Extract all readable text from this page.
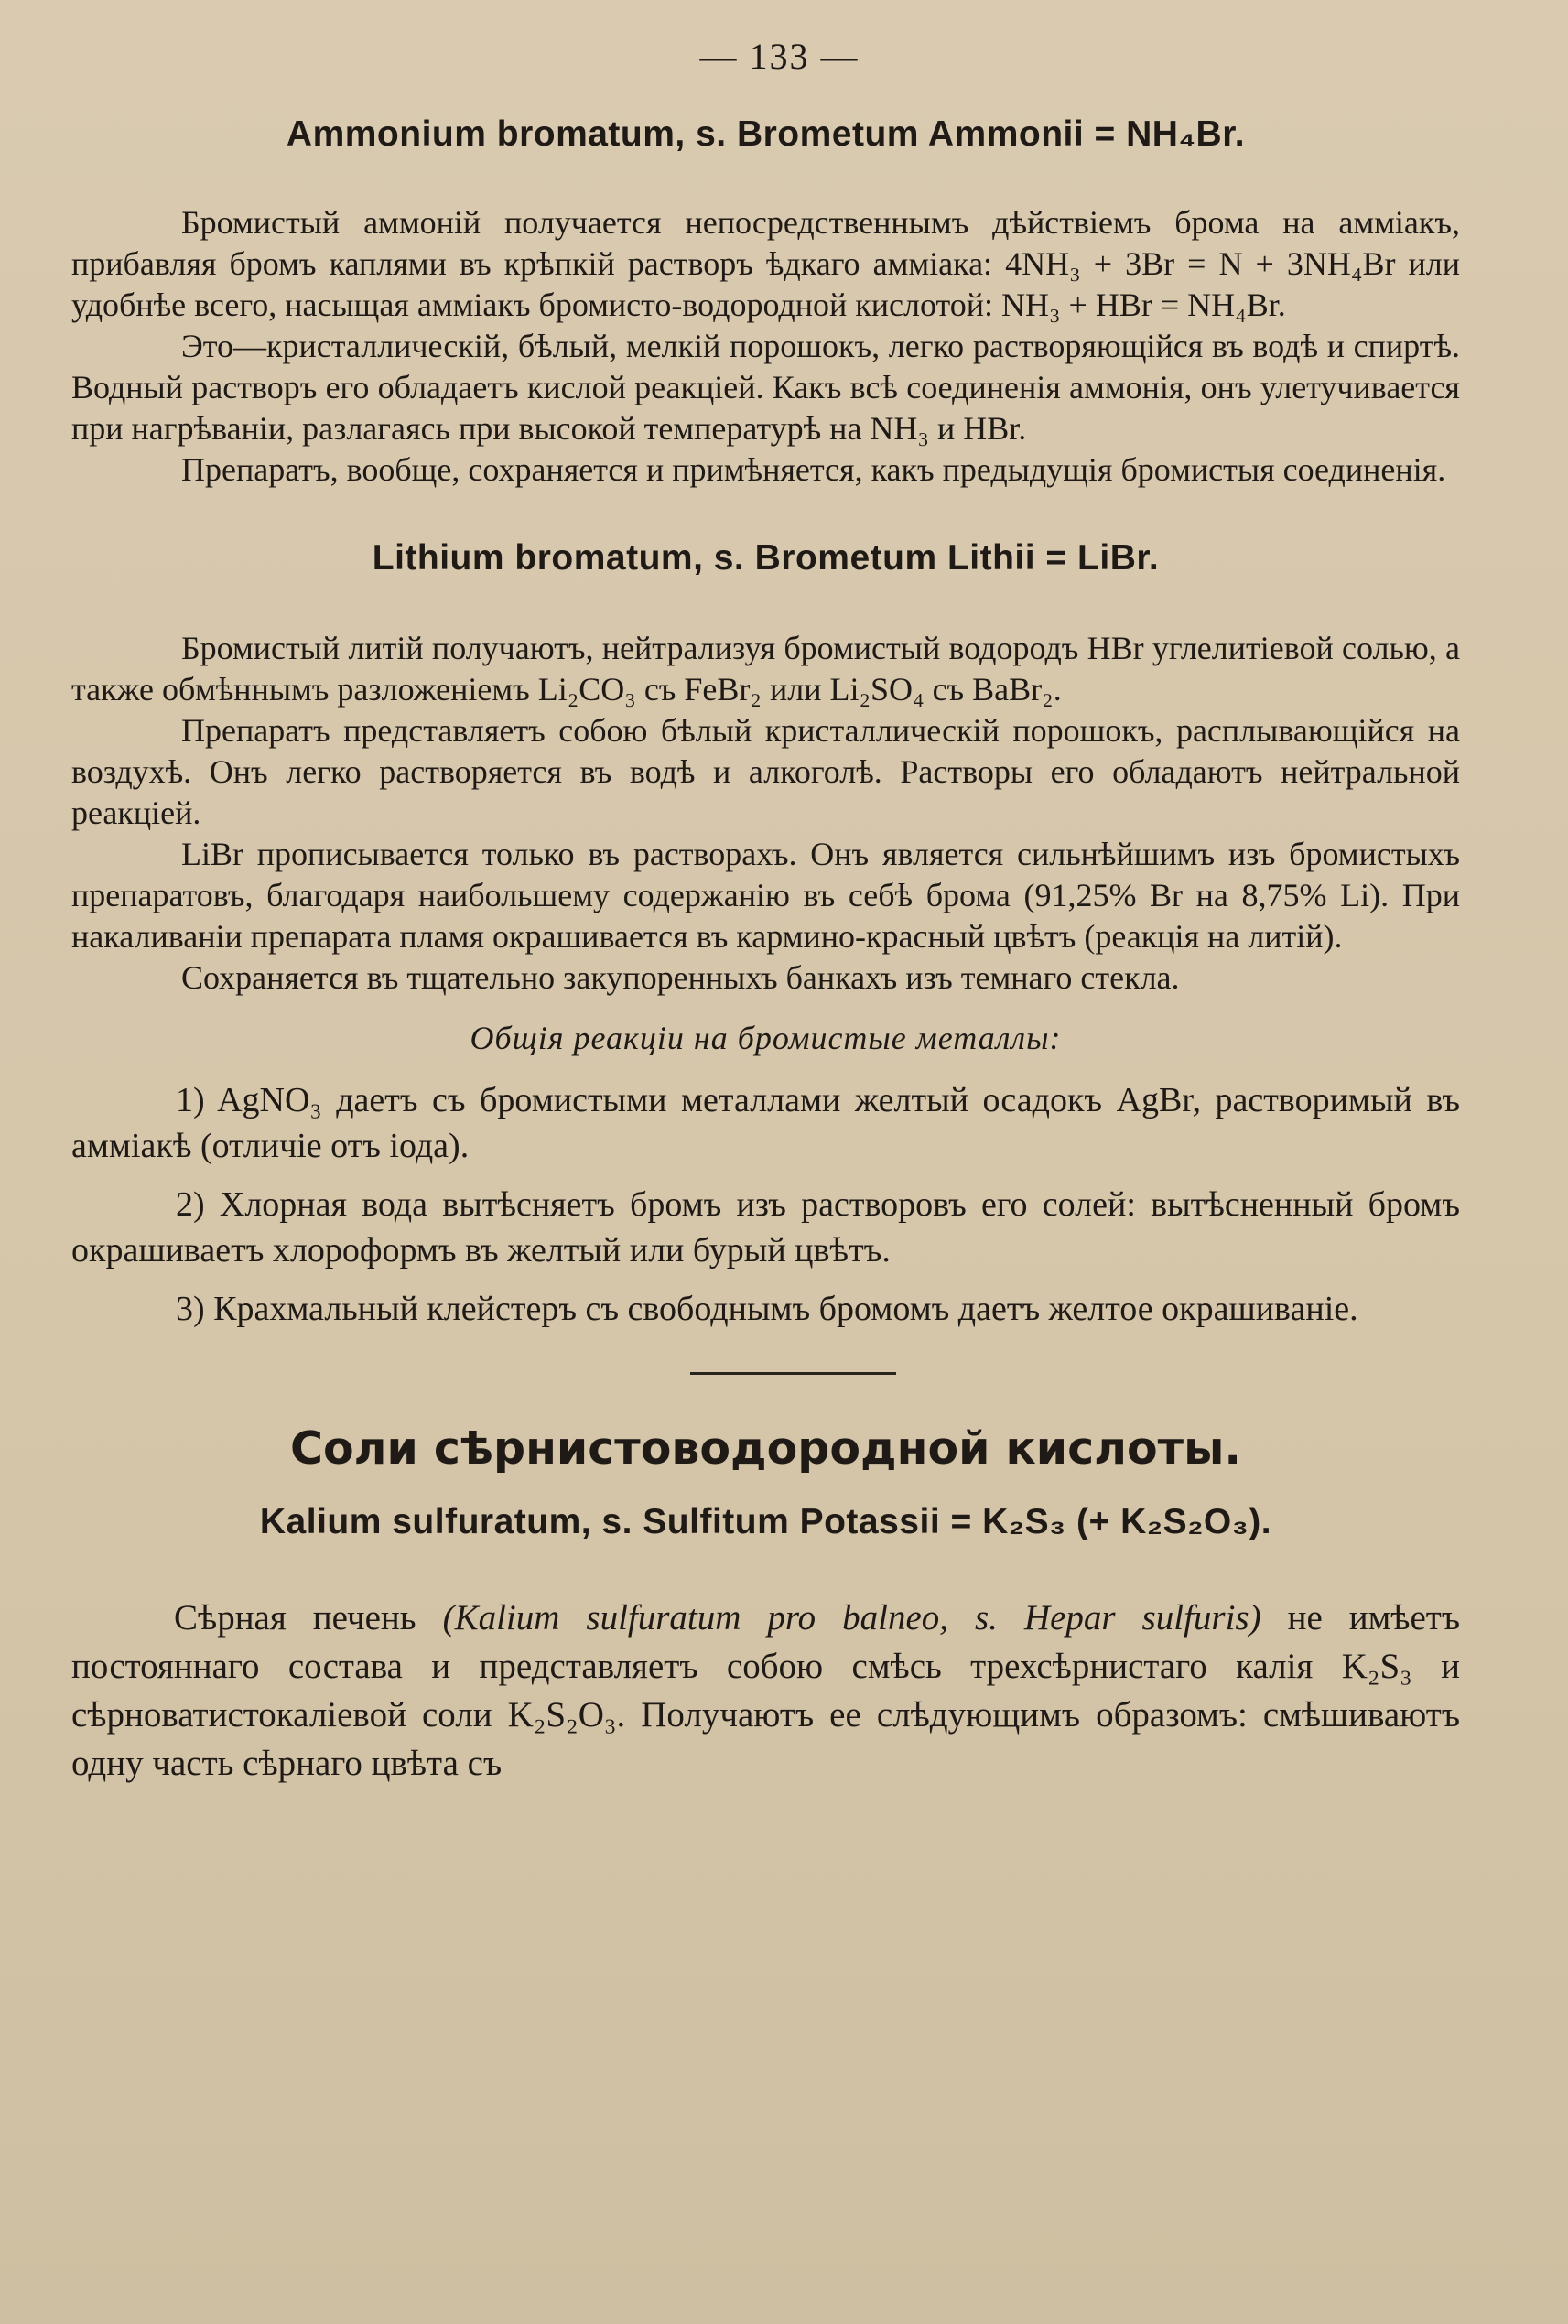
— 133 —
Ammonium bromatum, s. Brometum Ammonii = NH₄Br.

Бромистый аммоній получается непосредственнымъ дѣйствіемъ брома на амміакъ, прибавляя бромъ каплями въ крѣпкій растворъ ѣдкаго амміака: 4NH₃ + 3Br = N + 3NH₄Br или удобнѣе всего, насыщая амміакъ бромисто-водородной кислотой: NH₃ + HBr = NH₄Br.

Это—кристаллическій, бѣлый, мелкій порошокъ, легко растворяющійся въ водѣ и спиртѣ. Водный растворъ его обладаетъ кислой реакціей. Какъ всѣ соединенія аммонія, онъ улетучивается при нагрѣваніи, разлагаясь при высокой температурѣ на NH₃ и HBr.

Препаратъ, вообще, сохраняется и примѣняется, какъ предыдущія бромистыя соединенія.

Lithium bromatum, s. Brometum Lithii = LiBr.

Бромистый литій получаютъ, нейтрализуя бромистый водородъ HBr углелитіевой солью, а также обмѣннымъ разложеніемъ Li₂CO₃ съ FeBr₂ или Li₂SO₄ съ BaBr₂.

Препаратъ представляетъ собою бѣлый кристаллическій порошокъ, расплывающійся на воздухѣ. Онъ легко растворяется въ водѣ и алкоголѣ. Растворы его обладаютъ нейтральной реакціей.

LiBr прописывается только въ растворахъ. Онъ является сильнѣйшимъ изъ бромистыхъ препаратовъ, благодаря наибольшему содержанію въ себѣ брома (91,25% Br на 8,75% Li). При накаливаніи препарата пламя окрашивается въ кармино-красный цвѣтъ (реакція на литій).

Сохраняется въ тщательно закупоренныхъ банкахъ изъ темнаго стекла.

Общія реакціи на бромистые металлы:

1) AgNO₃ даетъ съ бромистыми металлами желтый осадокъ AgBr, растворимый въ амміакѣ (отличіе отъ іода).

2) Хлорная вода вытѣсняетъ бромъ изъ растворовъ его солей: вытѣсненный бромъ окрашиваетъ хлороформъ въ желтый или бурый цвѣтъ.

3) Крахмальный клейстеръ съ свободнымъ бромомъ даетъ желтое окрашиваніе.

Соли сѣрнистоводородной кислоты.
Kalium sulfuratum, s. Sulfitum Potassii = K₂S₃ (+ K₂S₂O₃).

Сѣрная печень (Kalium sulfuratum pro balneo, s. Hepar sulfuris) не имѣетъ постояннаго состава и представляетъ собою смѣсь трехсѣрнистаго калія K₂S₃ и сѣрноватистокаліевой соли K₂S₂O₃. Получаютъ ее слѣдующимъ образомъ: смѣшиваютъ одну часть сѣрнаго цвѣта съ
